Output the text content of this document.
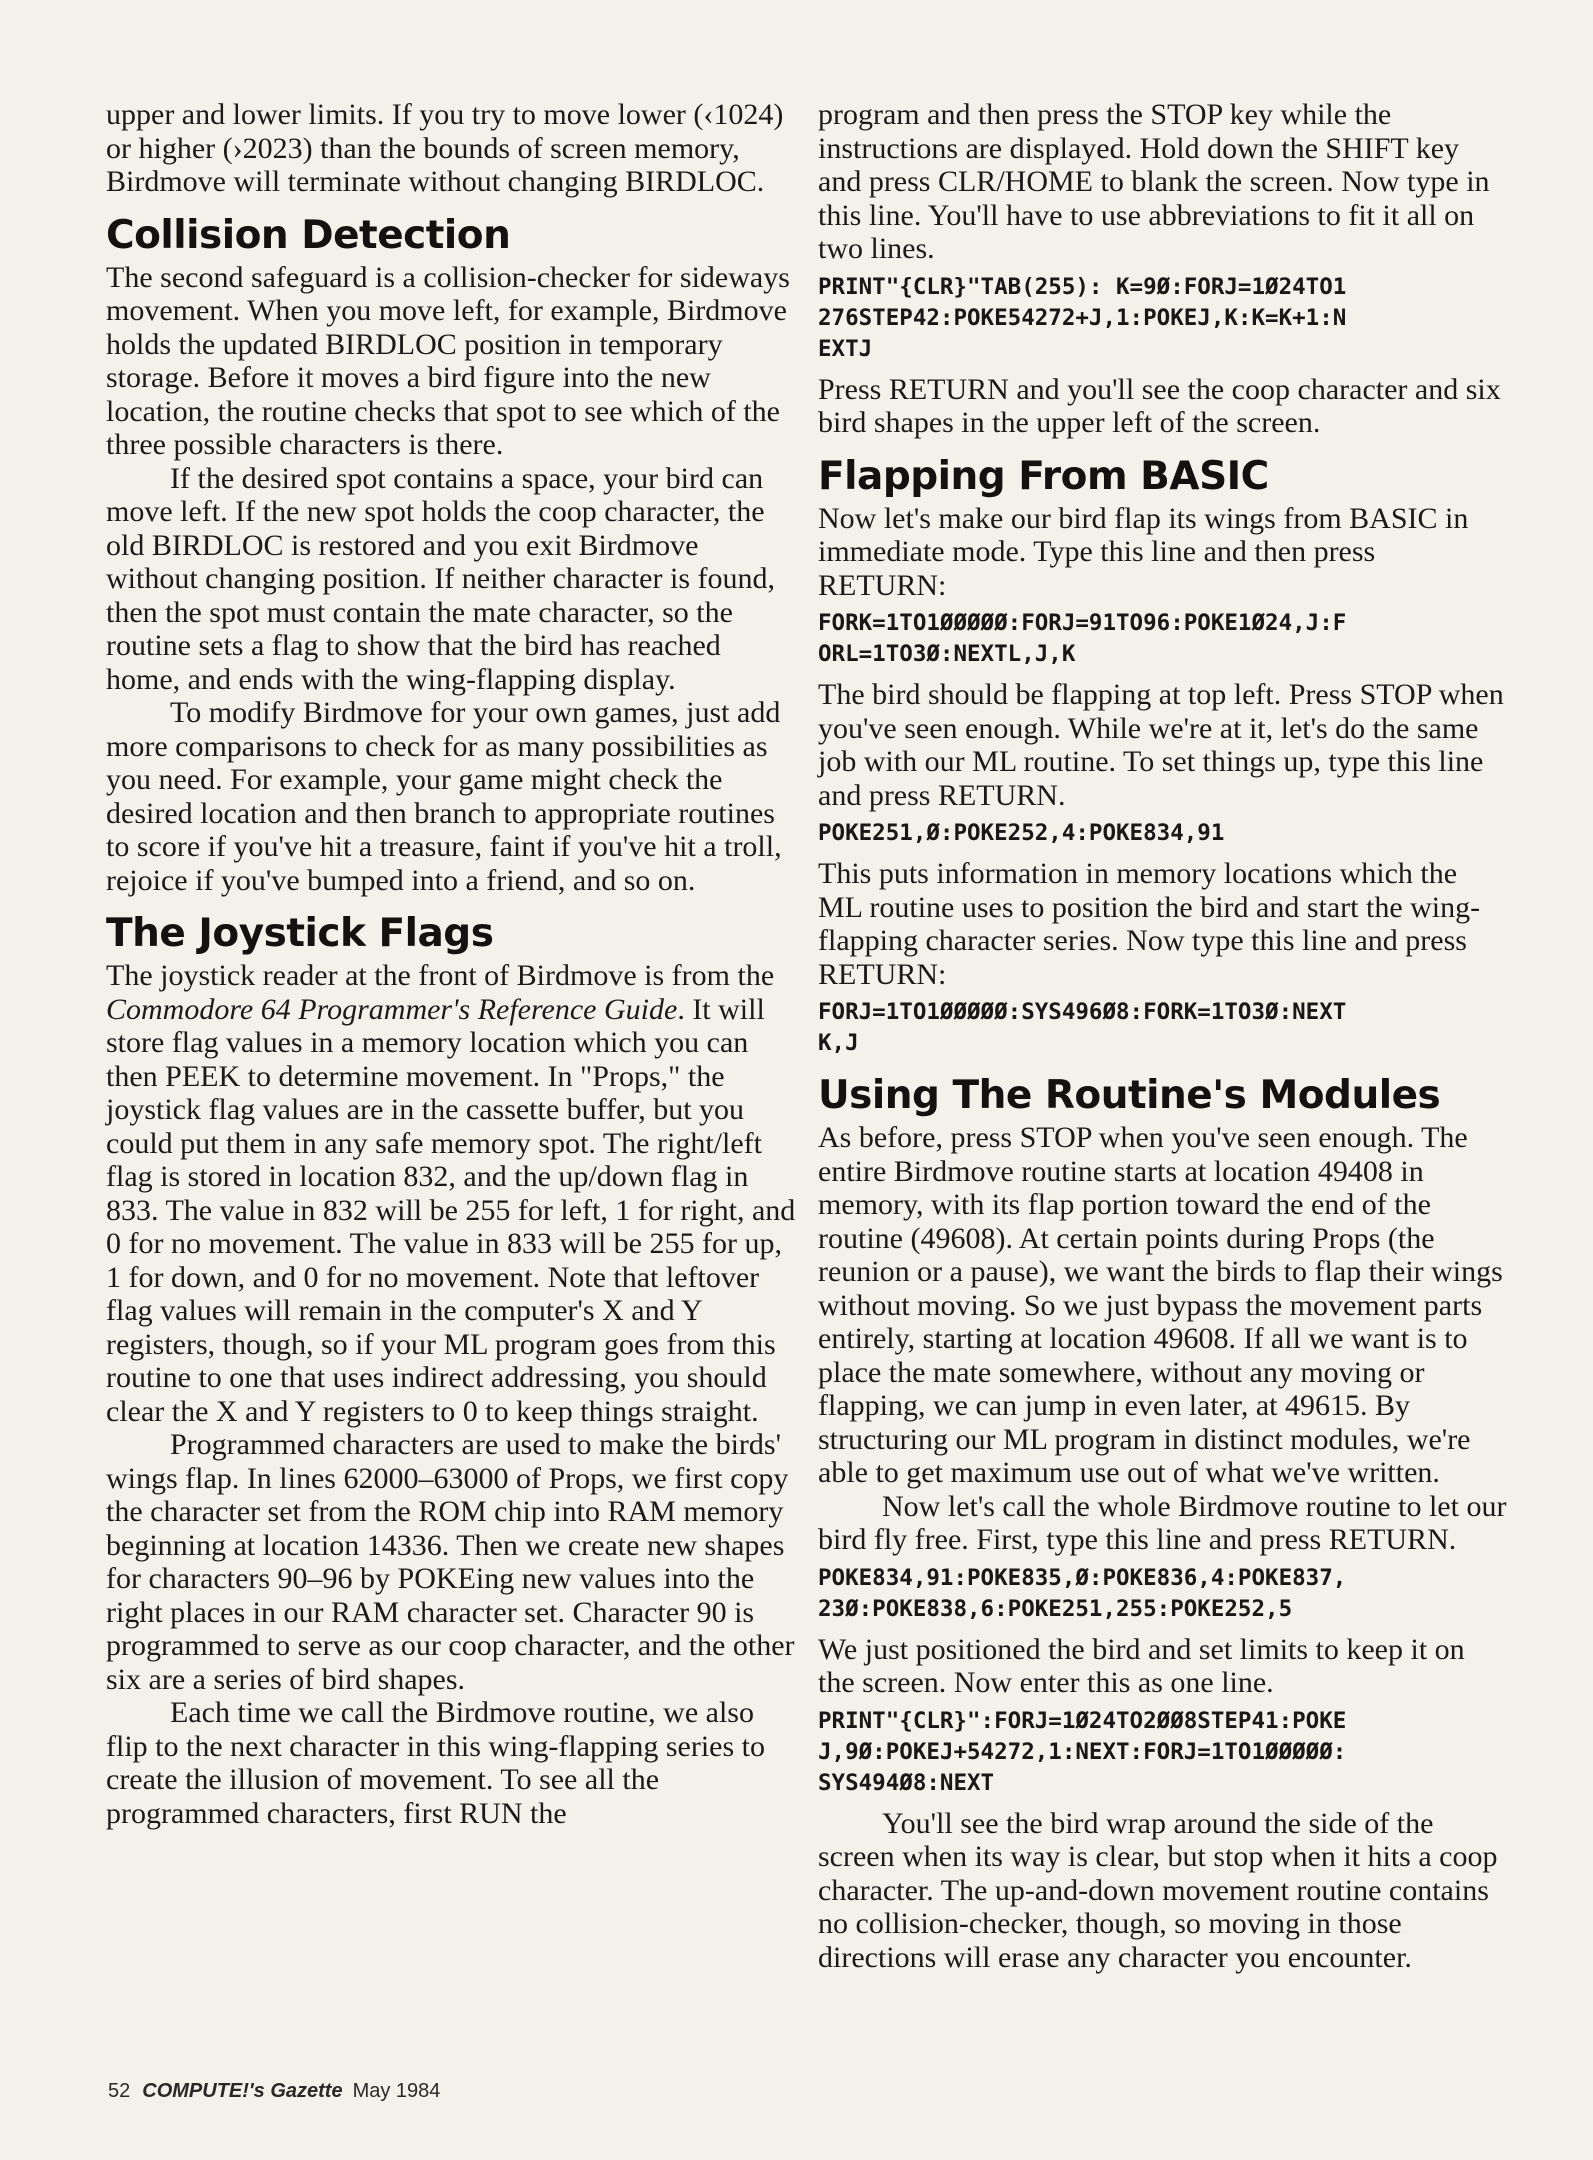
upper and lower limits. If you try to move lower (‹1024) or higher (›2023) than the bounds of screen memory, Birdmove will terminate without changing BIRDLOC.

Collision Detection

The second safeguard is a collision-checker for sideways movement. When you move left, for example, Birdmove holds the updated BIRDLOC position in temporary storage. Before it moves a bird figure into the new location, the routine checks that spot to see which of the three possible characters is there.

If the desired spot contains a space, your bird can move left. If the new spot holds the coop character, the old BIRDLOC is restored and you exit Birdmove without changing position. If neither character is found, then the spot must contain the mate character, so the routine sets a flag to show that the bird has reached home, and ends with the wing-flapping display.

To modify Birdmove for your own games, just add more comparisons to check for as many possibilities as you need. For example, your game might check the desired location and then branch to appropriate routines to score if you've hit a treasure, faint if you've hit a troll, rejoice if you've bumped into a friend, and so on.

The Joystick Flags

The joystick reader at the front of Birdmove is from the Commodore 64 Programmer's Reference Guide. It will store flag values in a memory location which you can then PEEK to determine movement. In "Props," the joystick flag values are in the cassette buffer, but you could put them in any safe memory spot. The right/left flag is stored in location 832, and the up/down flag in 833. The value in 832 will be 255 for left, 1 for right, and 0 for no movement. The value in 833 will be 255 for up, 1 for down, and 0 for no movement. Note that leftover flag values will remain in the computer's X and Y registers, though, so if your ML program goes from this routine to one that uses indirect addressing, you should clear the X and Y registers to 0 to keep things straight.

Programmed characters are used to make the birds' wings flap. In lines 62000–63000 of Props, we first copy the character set from the ROM chip into RAM memory beginning at location 14336. Then we create new shapes for characters 90–96 by POKEing new values into the right places in our RAM character set. Character 90 is programmed to serve as our coop character, and the other six are a series of bird shapes.

Each time we call the Birdmove routine, we also flip to the next character in this wing-flapping series to create the illusion of movement. To see all the programmed characters, first RUN the

program and then press the STOP key while the instructions are displayed. Hold down the SHIFT key and press CLR/HOME to blank the screen. Now type in this line. You'll have to use abbreviations to fit it all on two lines.

PRINT"{CLR}"TAB(255): K=9Ø:FORJ=1Ø24TO1
276STEP42:POKE54272+J,1:POKEJ,K:K=K+1:N
EXTJ

Press RETURN and you'll see the coop character and six bird shapes in the upper left of the screen.

Flapping From BASIC

Now let's make our bird flap its wings from BASIC in immediate mode. Type this line and then press RETURN:

FORK=1TO1ØØØØØ:FORJ=91TO96:POKE1Ø24,J:F
ORL=1TO3Ø:NEXTL,J,K

The bird should be flapping at top left. Press STOP when you've seen enough. While we're at it, let's do the same job with our ML routine. To set things up, type this line and press RETURN.

POKE251,Ø:POKE252,4:POKE834,91

This puts information in memory locations which the ML routine uses to position the bird and start the wing-flapping character series. Now type this line and press RETURN:

FORJ=1TO1ØØØØØ:SYS496Ø8:FORK=1TO3Ø:NEXT
K,J
Using The Routine's Modules

As before, press STOP when you've seen enough. The entire Birdmove routine starts at location 49408 in memory, with its flap portion toward the end of the routine (49608). At certain points during Props (the reunion or a pause), we want the birds to flap their wings without moving. So we just bypass the movement parts entirely, starting at location 49608. If all we want is to place the mate somewhere, without any moving or flapping, we can jump in even later, at 49615. By structuring our ML program in distinct modules, we're able to get maximum use out of what we've written.

Now let's call the whole Birdmove routine to let our bird fly free. First, type this line and press RETURN.

POKE834,91:POKE835,Ø:POKE836,4:POKE837,
23Ø:POKE838,6:POKE251,255:POKE252,5

We just positioned the bird and set limits to keep it on the screen. Now enter this as one line.

PRINT"{CLR}":FORJ=1Ø24TO2ØØ8STEP41:POKE
J,9Ø:POKEJ+54272,1:NEXT:FORJ=1TO1ØØØØØ:
SYS494Ø8:NEXT

You'll see the bird wrap around the side of the screen when its way is clear, but stop when it hits a coop character. The up-and-down movement routine contains no collision-checker, though, so moving in those directions will erase any character you encounter.

52 COMPUTE!'s Gazette May 1984
